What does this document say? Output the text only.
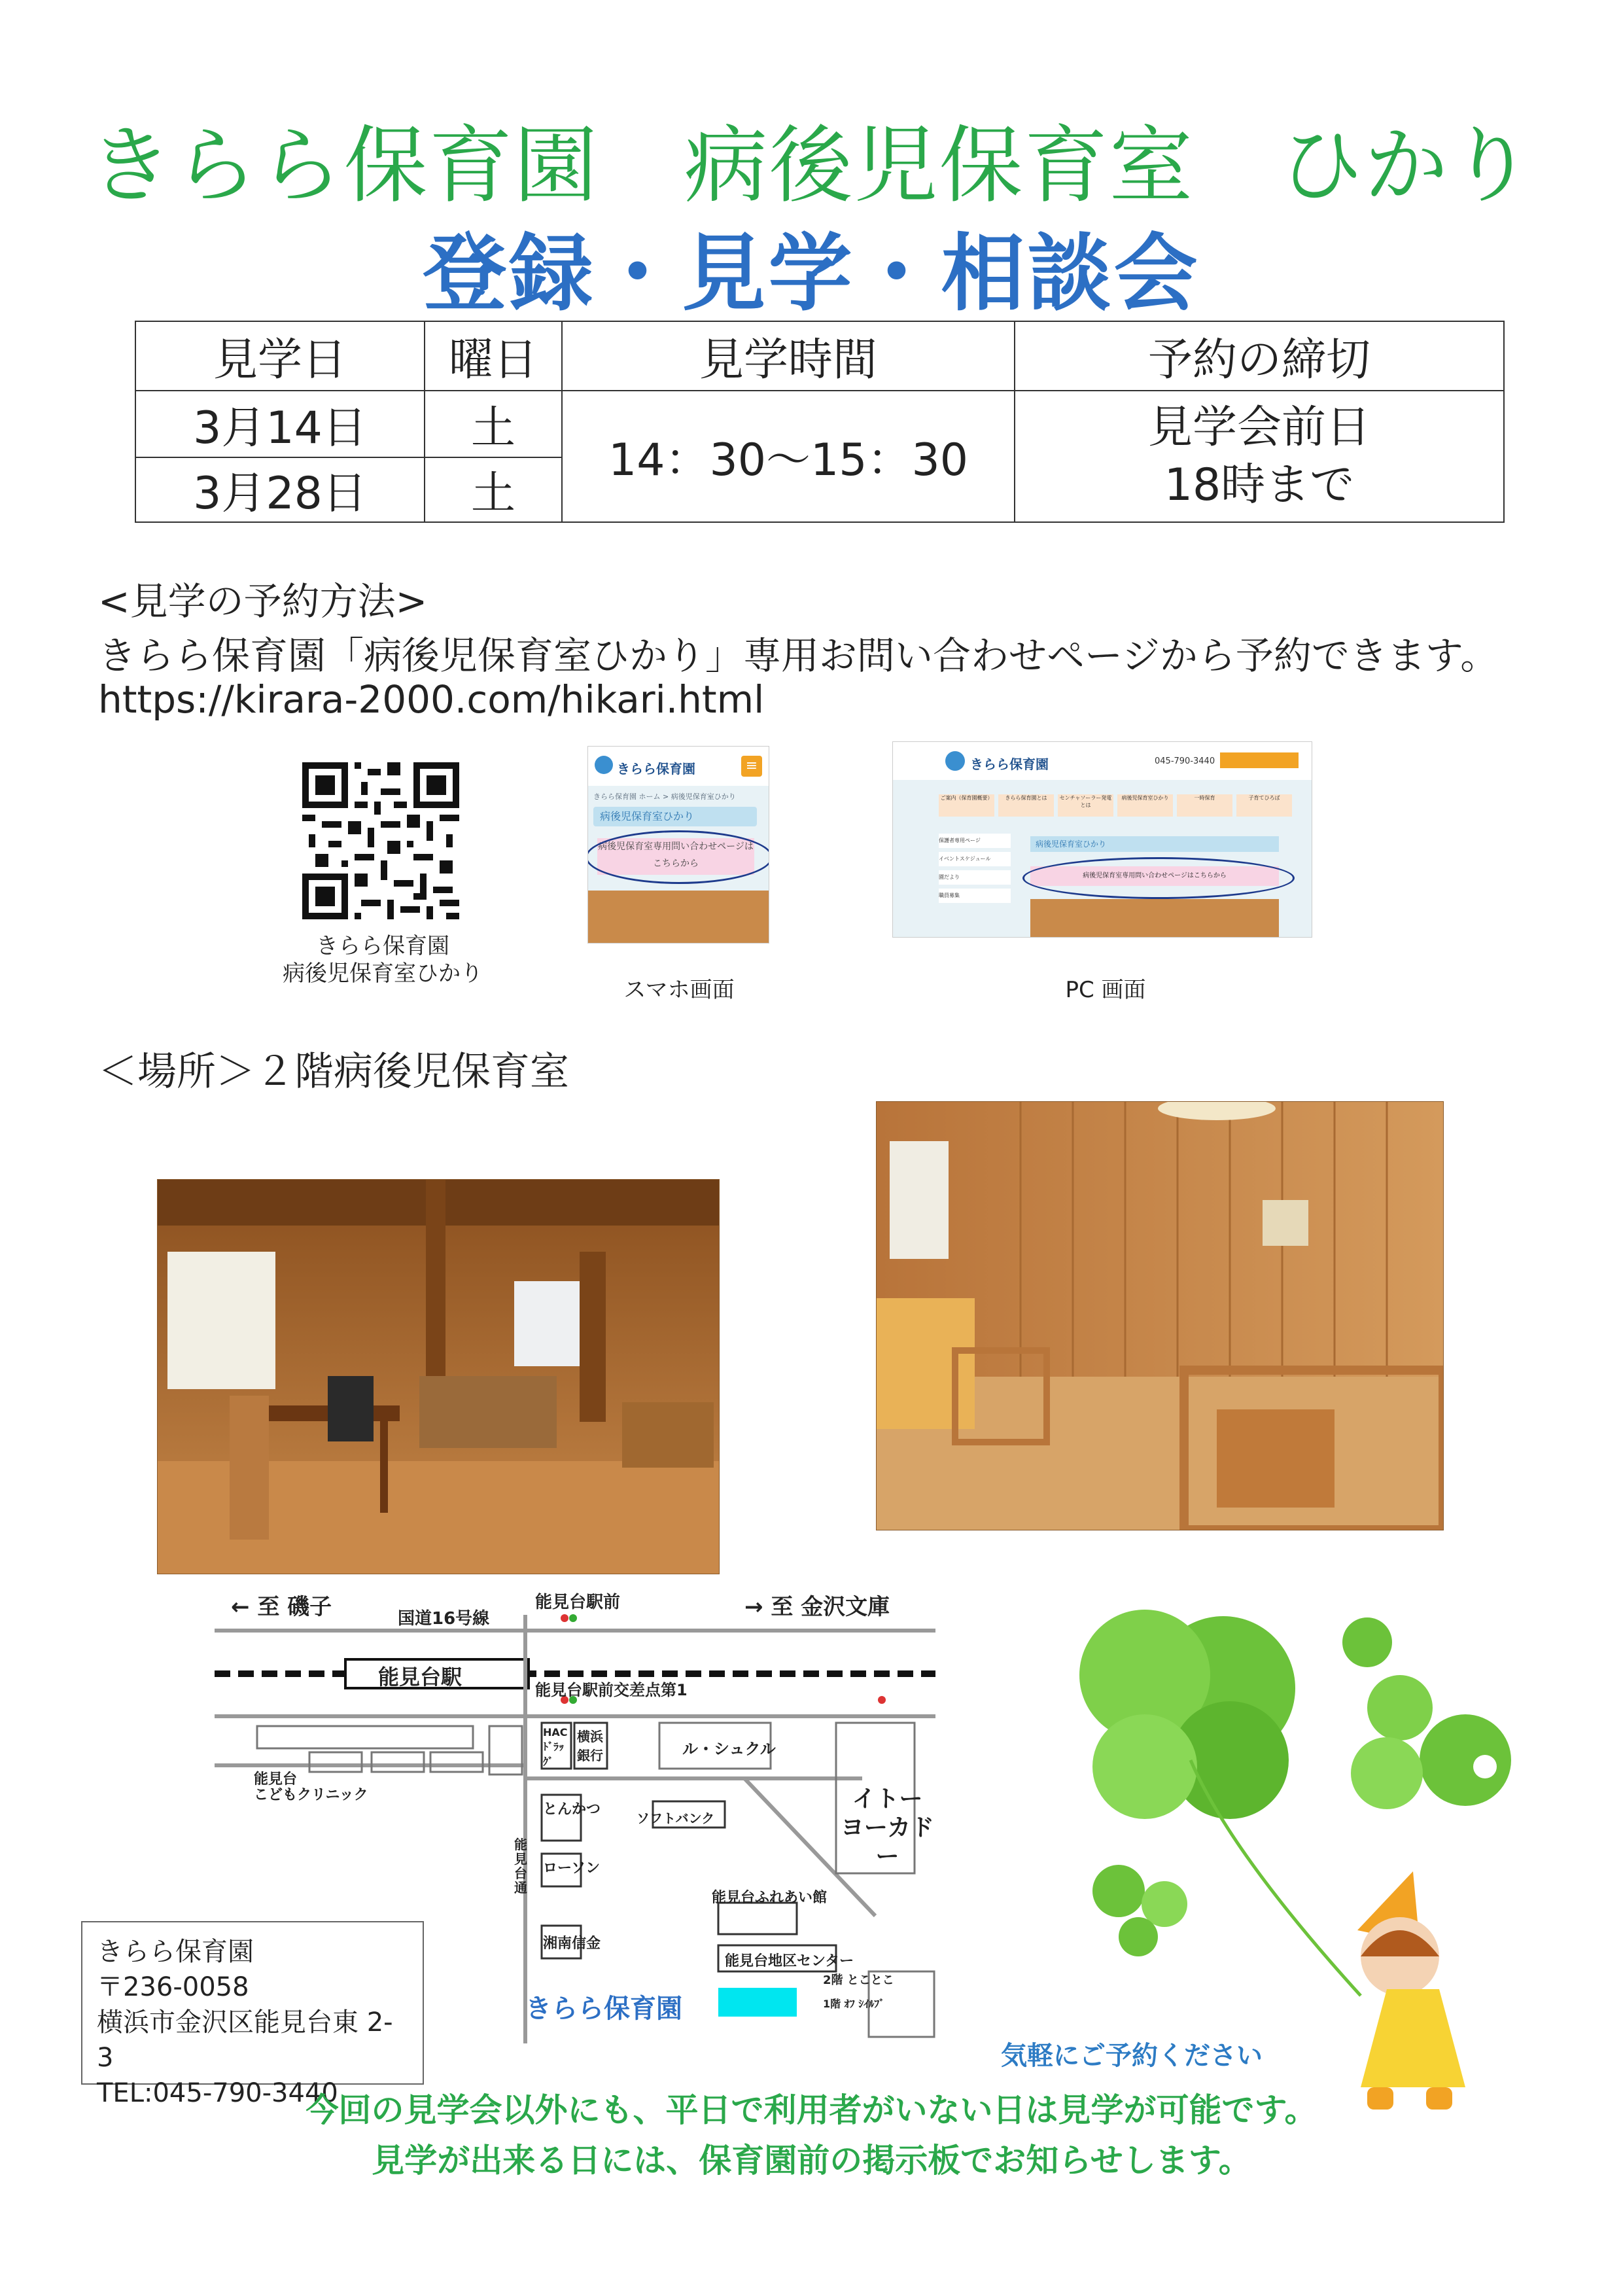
きらら保育園　病後児保育室　ひかり
登録・見学・相談会
見学日	曜日	見学時間	予約の締切
3月14日	土	14：30～15：30	見学会前日
18時まで

3月28日	土		
<見学の予約方法>
きらら保育園「病後児保育室ひかり」専用お問い合わせページから予約できます。
https://kirara-2000.com/hikari.html
きらら保育園
病後児保育室ひかり
きらら保育園	≡
きらら保育園 ホーム > 病後児保育室ひかり
病後児保育室ひかり
病後児保育室専用問い合わせページはこちらから
スマホ画面
きらら保育園	045-790-3440
ご案内（保育園概要）	きらら保育園とは	センチャソーラー発電とは
病後児保育室ひかり	一時保育	子育てひろば
保護者専用ページ
イベントスケジュール
園だより
職員募集
病後児保育室ひかり
病後児保育室専用問い合わせページはこちらから
PC 画面
＜場所＞２階病後児保育室
← 至 磯子	→ 至 金沢文庫
国道16号線
能見台駅前
能見台駅
能見台駅前交差点第1
HAC ﾄﾞﾗｯｸﾞ
横浜銀行	ル・シュクル
能見台
こどもクリニック
とんかつ
ソフトバンク
イトー
ヨーカドー
ローソン
能見台通
能見台ふれあい館
湘南信金
能見台地区センター
きらら保育園
2階 とことこ
1階 ｵﾌ ｼｲﾙﾌﾞ
きらら保育園
〒236-0058
横浜市金沢区能見台東 2-3
TEL:045-790-3440
気軽にご予約ください
今回の見学会以外にも、平日で利用者がいない日は見学が可能です。
見学が出来る日には、保育園前の掲示板でお知らせします。
